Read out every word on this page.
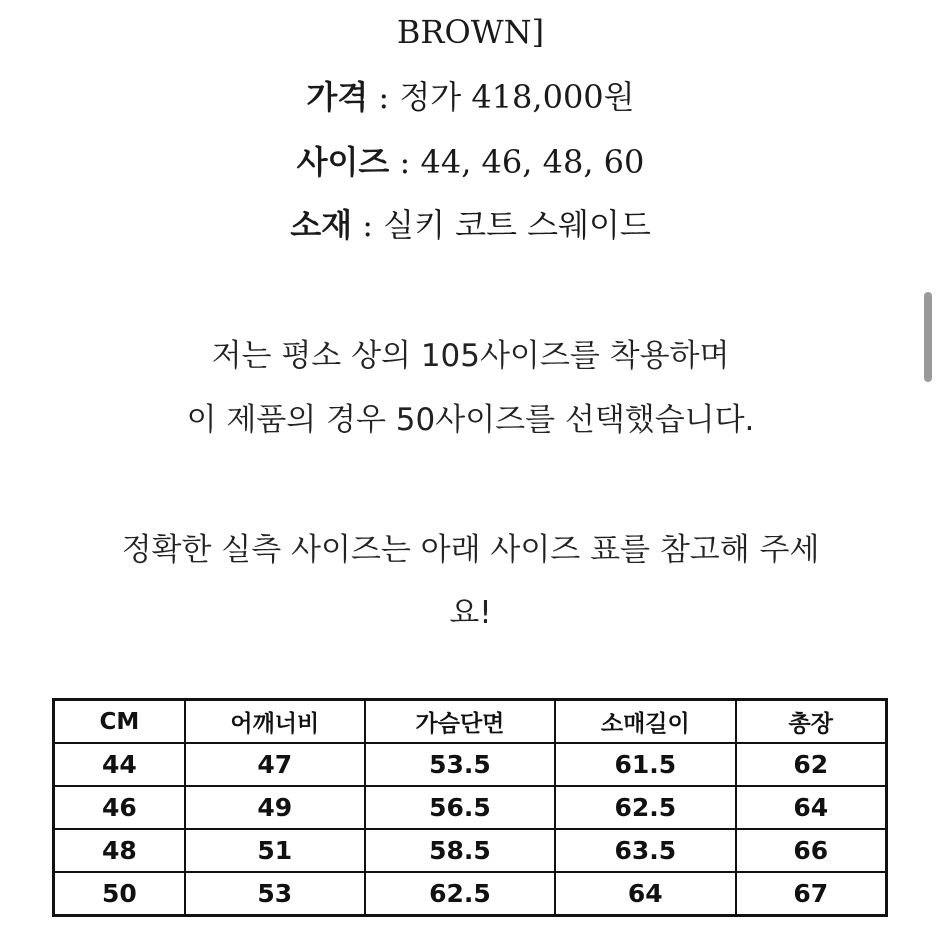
BROWN]
가격 : 정가 418,000원
사이즈 : 44, 46, 48, 60
소재 : 실키 코트 스웨이드
저는 평소 상의 105사이즈를 착용하며
이 제품의 경우 50사이즈를 선택했습니다.
정확한 실측 사이즈는 아래 사이즈 표를 참고해 주세
요!
CM	어깨너비	가슴단면	소매길이	총장
44	47	53.5	61.5	62
46	49	56.5	62.5	64
48	51	58.5	63.5	66
50	53	62.5	64	67
